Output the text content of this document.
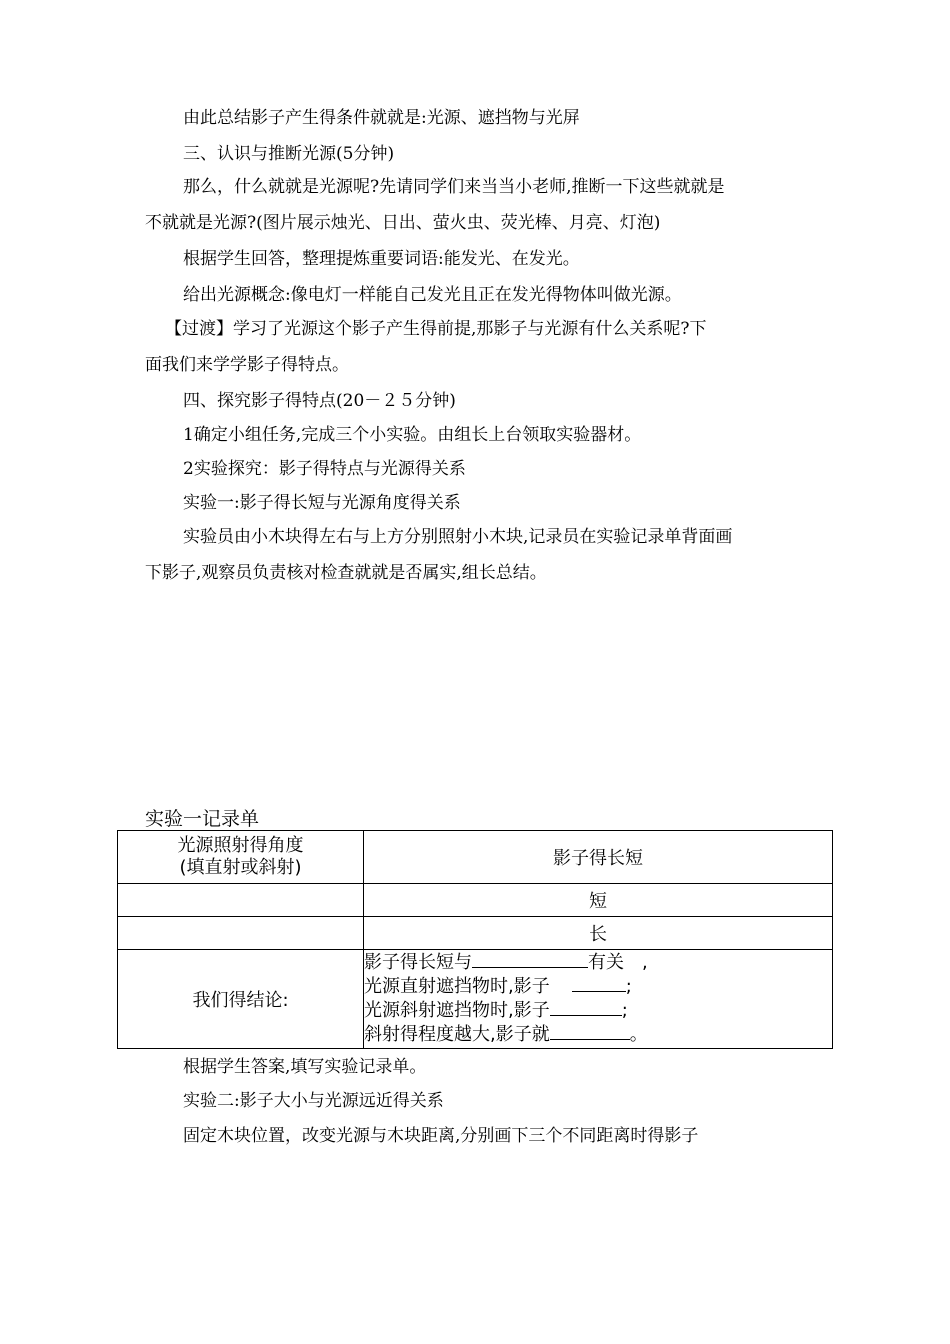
由此总结影子产生得条件就就是:光源、遮挡物与光屏
三、认识与推断光源(5分钟)
那么，什么就就是光源呢?先请同学们来当当小老师,推断一下这些就就是
不就就是光源?(图片展示烛光、日出、萤火虫、荧光棒、月亮、灯泡)
根据学生回答，整理提炼重要词语:能发光、在发光。
给出光源概念:像电灯一样能自己发光且正在发光得物体叫做光源。
【过渡】学习了光源这个影子产生得前提,那影子与光源有什么关系呢?下
面我们来学学影子得特点。
四、探究影子得特点(20－２５分钟)
1确定小组任务,完成三个小实验。由组长上台领取实验器材。
2实验探究：影子得特点与光源得关系
实验一:影子得长短与光源角度得关系
实验员由小木块得左右与上方分别照射小木块,记录员在实验记录单背面画
下影子,观察员负责核对检查就就是否属实,组长总结。
实验一记录单
光源照射得角度
(填直射或斜射)	影子得长短
	短
	长
我们得结论:	影子得长短与 有关　,
光源直射遮挡物时,影子 ;
光源斜射遮挡物时,影子 ;
斜射得程度越大,影子就 。
根据学生答案,填写实验记录单。
实验二:影子大小与光源远近得关系
固定木块位置，改变光源与木块距离,分别画下三个不同距离时得影子
